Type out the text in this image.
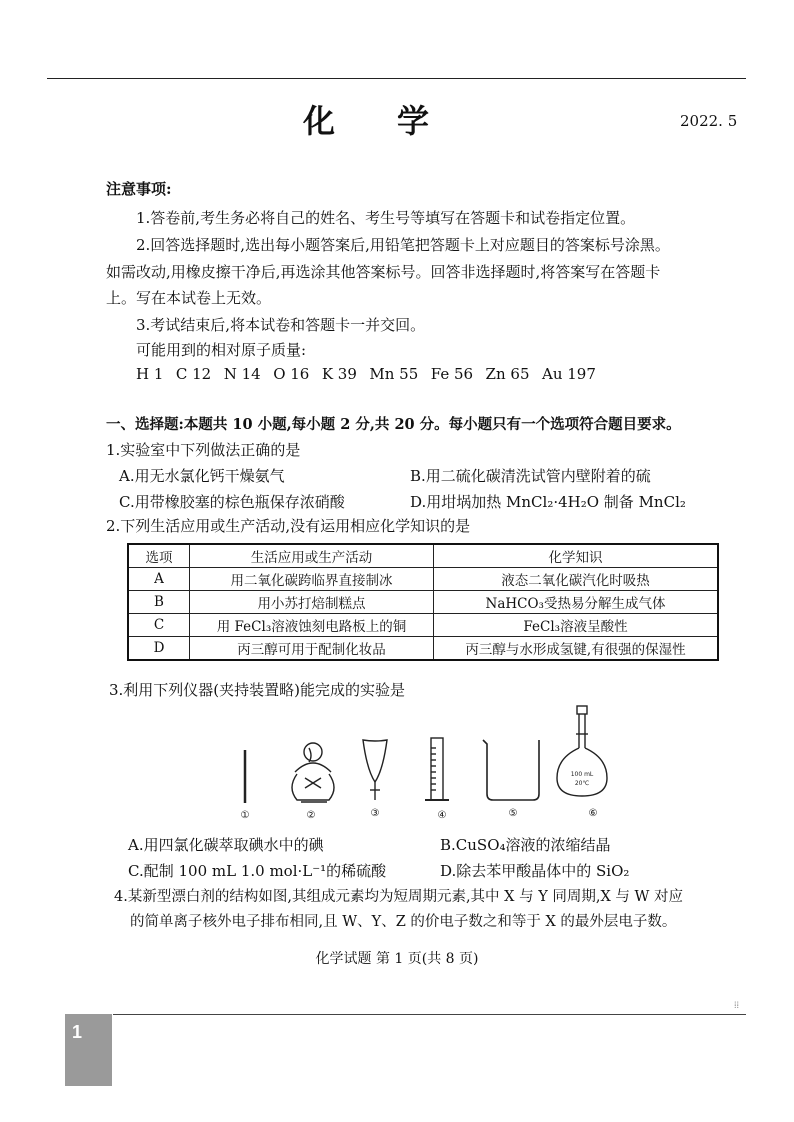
化学	2022. 5
注意事项:
1.答卷前,考生务必将自己的姓名、考生号等填写在答题卡和试卷指定位置。
2.回答选择题时,选出每小题答案后,用铅笔把答题卡上对应题目的答案标号涂黑。
如需改动,用橡皮擦干净后,再选涂其他答案标号。回答非选择题时,将答案写在答题卡
上。写在本试卷上无效。
3.考试结束后,将本试卷和答题卡一并交回。
可能用到的相对原子质量:
H 1 C 12 N 14 O 16 K 39 Mn 55 Fe 56 Zn 65 Au 197
一、选择题:本题共 10 小题,每小题 2 分,共 20 分。每小题只有一个选项符合题目要求。
1.实验室中下列做法正确的是
A.用无水氯化钙干燥氨气	B.用二硫化碳清洗试管内壁附着的硫
C.用带橡胶塞的棕色瓶保存浓硝酸	D.用坩埚加热 MnCl₂·4H₂O 制备 MnCl₂
2.下列生活应用或生产活动,没有运用相应化学知识的是
选项	生活应用或生产活动	化学知识
A	用二氧化碳跨临界直接制冰	液态二氧化碳汽化时吸热
B	用小苏打焙制糕点	NaHCO₃受热易分解生成气体
C	用 FeCl₃溶液蚀刻电路板上的铜	FeCl₃溶液呈酸性
D	丙三醇可用于配制化妆品	丙三醇与水形成氢键,有很强的保湿性
3.利用下列仪器(夹持装置略)能完成的实验是
100 mL
20℃
①	②	③	④	⑤	⑥
A.用四氯化碳萃取碘水中的碘	B.CuSO₄溶液的浓缩结晶
C.配制 100 mL 1.0 mol·L⁻¹的稀硫酸	D.除去苯甲酸晶体中的 SiO₂
4.某新型漂白剂的结构如图,其组成元素均为短周期元素,其中 X 与 Y 同周期,X 与 W 对应
的简单离子核外电子排布相同,且 W、Y、Z 的价电子数之和等于 X 的最外层电子数。
化学试题 第 1 页(共 8 页)
1
⁞⁞
